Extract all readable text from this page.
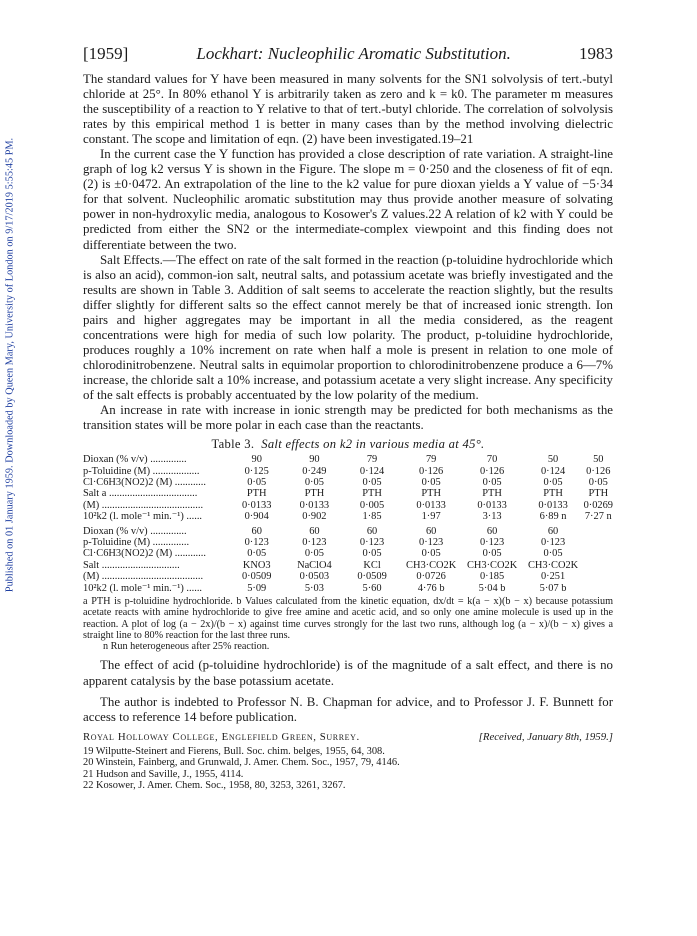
Published on 01 January 1959. Downloaded by Queen Mary, University of London on 9/17/2019 5:55:45 PM.
[1959]	Lockhart: Nucleophilic Aromatic Substitution.	1983

The standard values for Y have been measured in many solvents for the SN1 solvolysis of tert.-butyl chloride at 25°. In 80% ethanol Y is arbitrarily taken as zero and k = k0. The parameter m measures the susceptibility of a reaction to Y relative to that of tert.-butyl chloride. The correlation of solvolysis rates by this empirical method 1 is better in many cases than by the method involving dielectric constant. The scope and limitation of eqn. (2) have been investigated.19–21

In the current case the Y function has provided a close description of rate variation. A straight-line graph of log k2 versus Y is shown in the Figure. The slope m = 0·250 and the closeness of fit of eqn. (2) is ±0·0472. An extrapolation of the line to the k2 value for pure dioxan yields a Y value of −5·34 for that solvent. Nucleophilic aromatic substitution may thus provide another measure of solvating power in non-hydroxylic media, analogous to Kosower's Z values.22 A relation of k2 with Y could be predicted from either the SN2 or the intermediate-complex viewpoint and this finding does not differentiate between the two.

Salt Effects.—The effect on rate of the salt formed in the reaction (p-toluidine hydrochloride which is also an acid), common-ion salt, neutral salts, and potassium acetate was briefly investigated and the results are shown in Table 3. Addition of salt seems to accelerate the reaction slightly, but the results differ slightly for different salts so the effect cannot merely be that of increased ionic strength. Ion pairs and higher aggregates may be important in all the media considered, as the reagent concentrations were high for media of such low polarity. The product, p-toluidine hydrochloride, produces roughly a 10% increment on rate when half a mole is present in relation to one mole of chlorodinitrobenzene. Neutral salts in equimolar proportion to chlorodinitrobenzene produce a 6—7% increase, the chloride salt a 10% increase, and potassium acetate a very slight increase. Any specificity of the salt effects is probably accentuated by the low polarity of the medium.

An increase in rate with increase in ionic strength may be predicted for both mechanisms as the transition states will be more polar in each case than the reactants.

Table 3. Salt effects on k2 in various media at 45°.
Dioxan (% v/v) ..............	90	90	79	79	70	50	50
p-Toluidine (M) ..................	0·125	0·249	0·124	0·126	0·126	0·124	0·126
Cl·C6H3(NO2)2 (M) ............	0·05	0·05	0·05	0·05	0·05	0·05	0·05
Salt a ..................................	PTH	PTH	PTH	PTH	PTH	PTH	PTH
(M) .......................................	0·0133	0·0133	0·005	0·0133	0·0133	0·0133	0·0269
10²k2 (l. mole⁻¹ min.⁻¹) ......	0·904	0·902	1·85	1·97	3·13	6·89 n	7·27 n

Dioxan (% v/v) ..............	60	60	60	60	60	60	
p-Toluidine (M) ..............	0·123	0·123	0·123	0·123	0·123	0·123	
Cl·C6H3(NO2)2 (M) ............	0·05	0·05	0·05	0·05	0·05	0·05	
Salt ..............................	KNO3	NaClO4	KCl	CH3·CO2K	CH3·CO2K	CH3·CO2K	
(M) .......................................	0·0509	0·0503	0·0509	0·0726	0·185	0·251	
10²k2 (l. mole⁻¹ min.⁻¹) ......	5·09	5·03	5·60	4·76 b	5·04 b	5·07 b	
a PTH is p-toluidine hydrochloride. b Values calculated from the kinetic equation, dx/dt = k(a − x)(b − x) because potassium acetate reacts with amine hydrochloride to give free amine and acetic acid, and so only one amine molecule is used up in the reaction. A plot of log (a − 2x)/(b − x) against time curves strongly for the last two runs, although log (a − x)/(b − x) gives a straight line to 80% reaction for the last three runs.
n Run heterogeneous after 25% reaction.

The effect of acid (p-toluidine hydrochloride) is of the magnitude of a salt effect, and there is no apparent catalysis by the base potassium acetate.

The author is indebted to Professor N. B. Chapman for advice, and to Professor J. F. Bunnett for access to reference 14 before publication.

Royal Holloway College, Englefield Green, Surrey.	[Received, January 8th, 1959.]
19 Wilputte-Steinert and Fierens, Bull. Soc. chim. belges, 1955, 64, 308.
20 Winstein, Fainberg, and Grunwald, J. Amer. Chem. Soc., 1957, 79, 4146.
21 Hudson and Saville, J., 1955, 4114.
22 Kosower, J. Amer. Chem. Soc., 1958, 80, 3253, 3261, 3267.
